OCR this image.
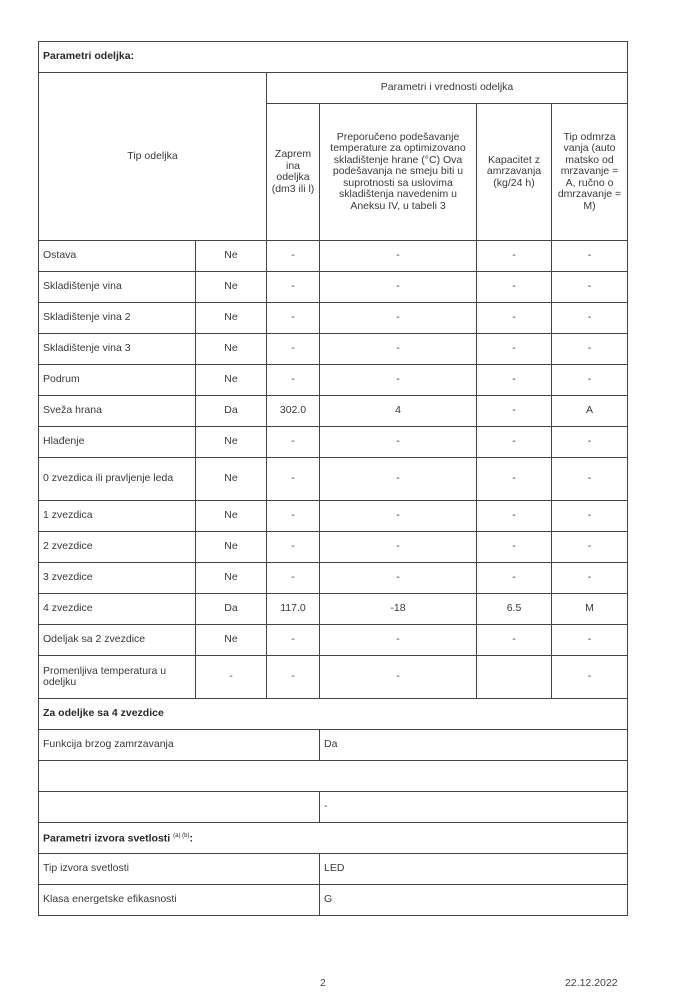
Parametri odeljka:					
Tip odeljka		Parametri i vrednosti odeljka			
		Zaprem ina odeljka (dm3 ili l)	Preporučeno podešavanje temperature za optimizovano skladištenje hrane (°C) Ova podešavanja ne smeju biti u suprotnosti sa uslovima skladištenja navedenim u Aneksu IV, u tabeli 3	Kapacitet z amrzavanja (kg/24 h)	Tip odmrza vanja (auto matsko od mrzavanje = A, ručno o dmrzavanje = M)
Ostava	Ne	-	-	-	-
Skladištenje vina	Ne	-	-	-	-
Skladištenje vina 2	Ne	-	-	-	-
Skladištenje vina 3	Ne	-	-	-	-
Podrum	Ne	-	-	-	-
Sveža hrana	Da	302.0	4	-	A
Hlađenje	Ne	-	-	-	-
0 zvezdica ili pravljenje leda	Ne	-	-	-	-
1 zvezdica	Ne	-	-	-	-
2 zvezdice	Ne	-	-	-	-
3 zvezdice	Ne	-	-	-	-
4 zvezdice	Da	117.0	-18	6.5	M
Odeljak sa 2 zvezdice	Ne	-	-	-	-
Promenljiva temperatura u odeljku	-	-	-		-
Za odeljke sa 4 zvezdice					
Funkcija brzog zamrzavanja			Da		

			-		
Parametri izvora svetlosti $^{(a) (b)}$:					
Tip izvora svetlosti			LED		
Klasa energetske efikasnosti			G		
2	22.12.2022
